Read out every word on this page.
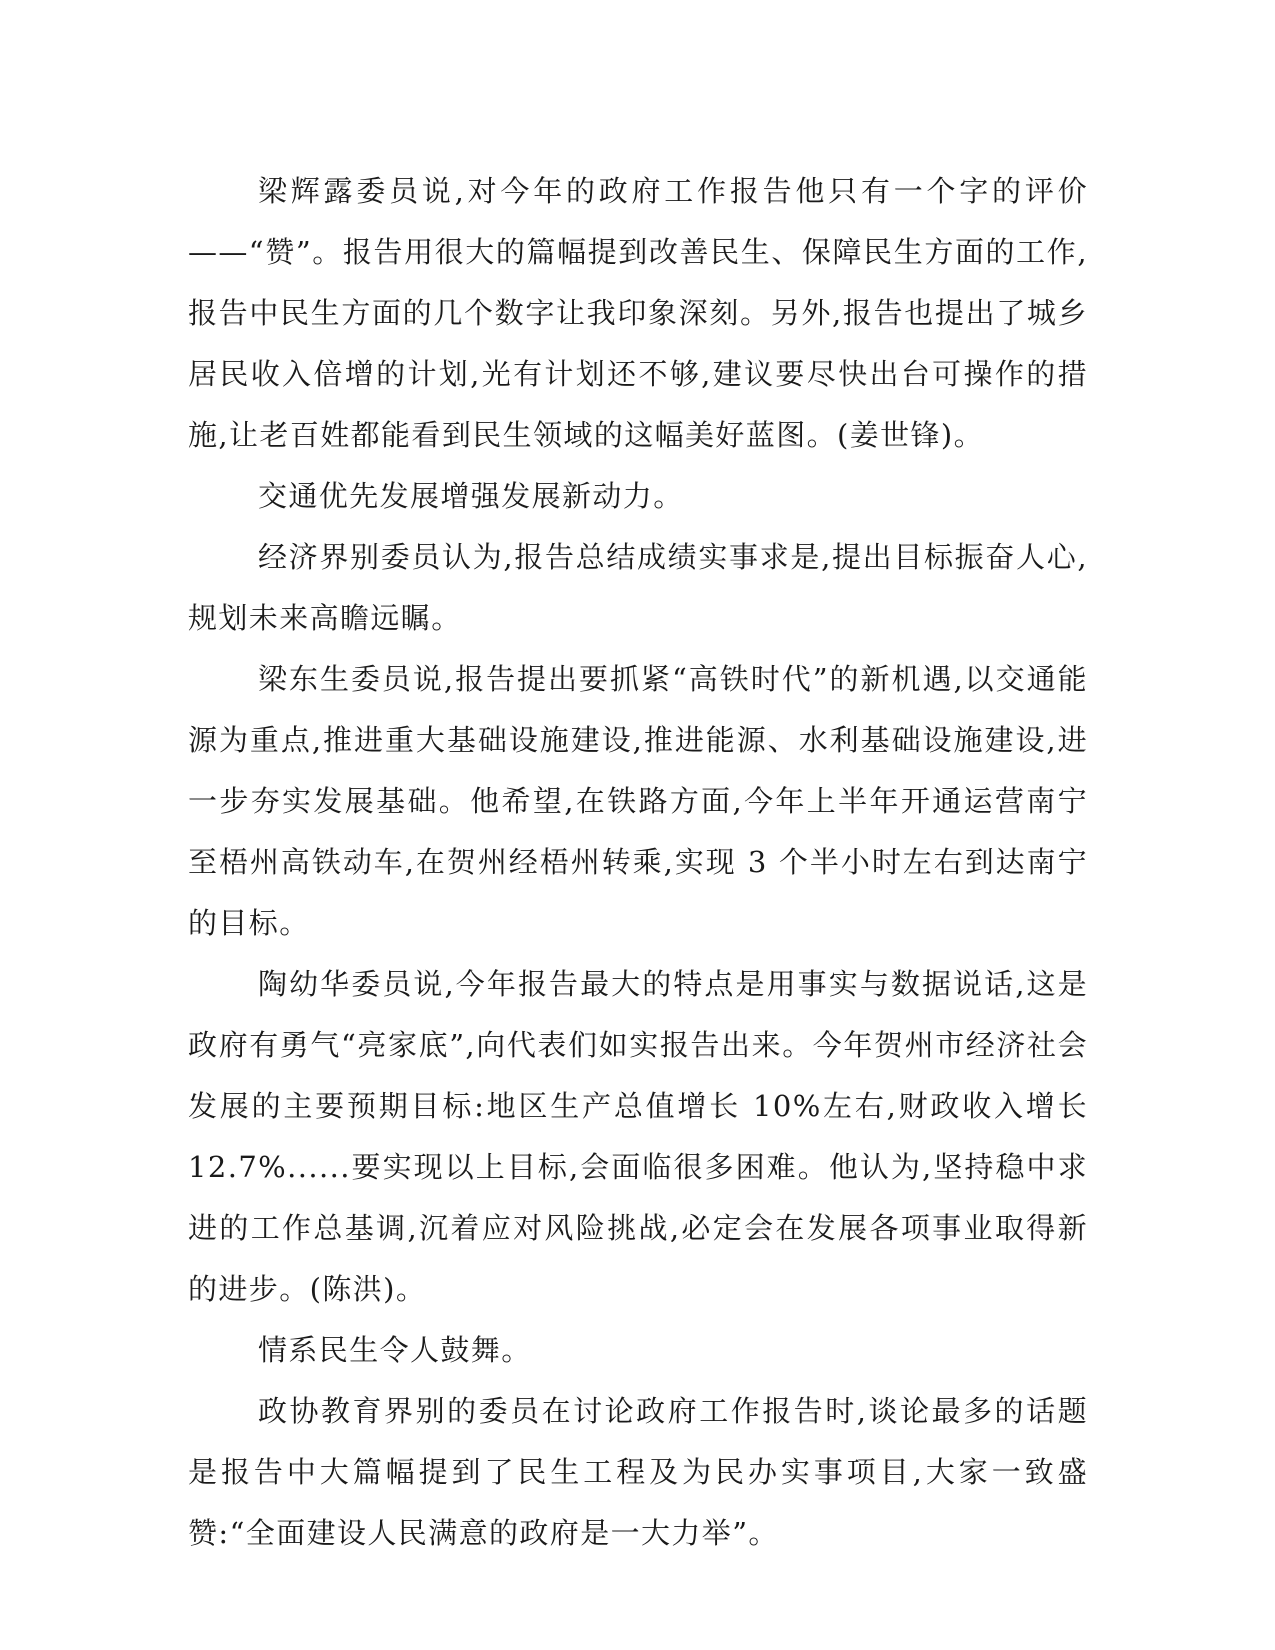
梁辉露委员说,对今年的政府工作报告他只有一个字的评价——“赞”。报告用很大的篇幅提到改善民生、保障民生方面的工作,报告中民生方面的几个数字让我印象深刻。另外,报告也提出了城乡居民收入倍增的计划,光有计划还不够,建议要尽快出台可操作的措施,让老百姓都能看到民生领域的这幅美好蓝图。(姜世锋)。

交通优先发展增强发展新动力。

经济界别委员认为,报告总结成绩实事求是,提出目标振奋人心,规划未来高瞻远瞩。

梁东生委员说,报告提出要抓紧“高铁时代”的新机遇,以交通能源为重点,推进重大基础设施建设,推进能源、水利基础设施建设,进一步夯实发展基础。他希望,在铁路方面,今年上半年开通运营南宁至梧州高铁动车,在贺州经梧州转乘,实现 3 个半小时左右到达南宁的目标。

陶幼华委员说,今年报告最大的特点是用事实与数据说话,这是政府有勇气“亮家底”,向代表们如实报告出来。今年贺州市经济社会发展的主要预期目标:地区生产总值增长 10%左右,财政收入增长 12.7%......要实现以上目标,会面临很多困难。他认为,坚持稳中求进的工作总基调,沉着应对风险挑战,必定会在发展各项事业取得新的进步。(陈洪)。

情系民生令人鼓舞。

政协教育界别的委员在讨论政府工作报告时,谈论最多的话题是报告中大篇幅提到了民生工程及为民办实事项目,大家一致盛赞:“全面建设人民满意的政府是一大力举”。
